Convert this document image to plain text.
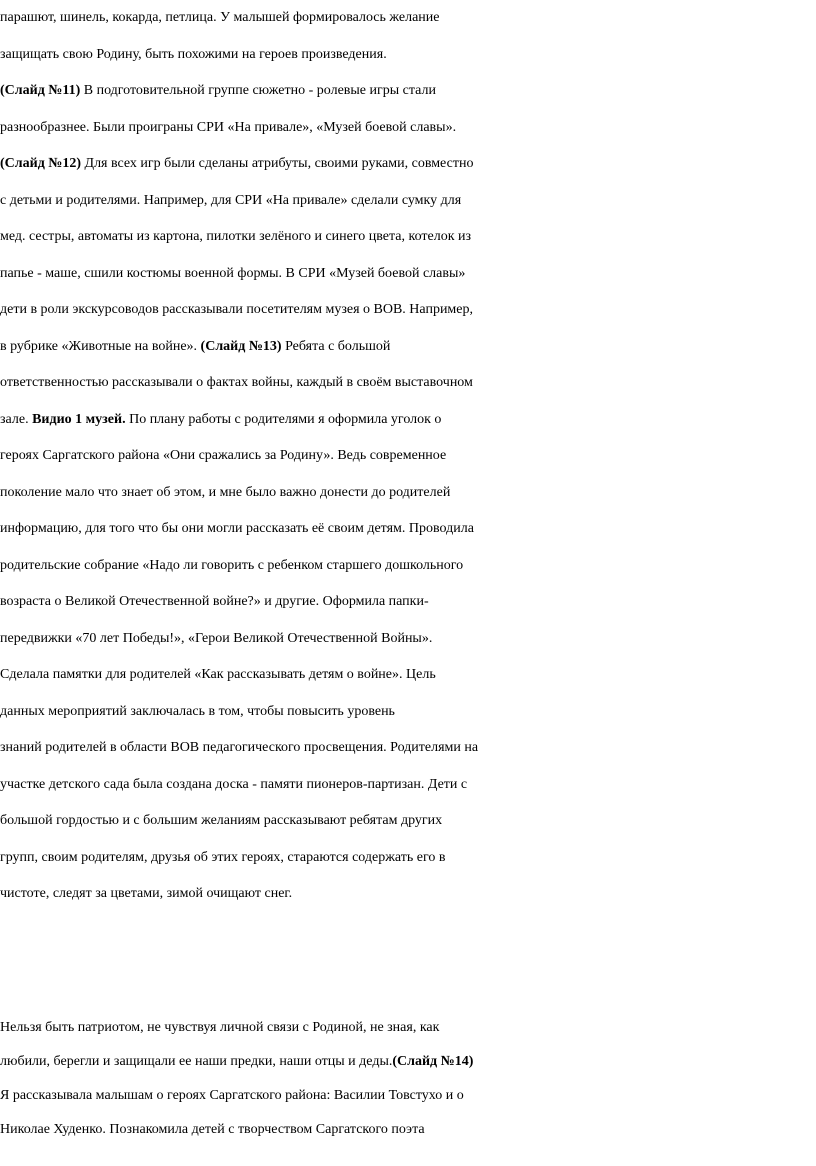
парашют, шинель, кокарда, петлица. У малышей формировалось желание
защищать свою Родину, быть похожими на героев произведения.
(Слайд №11) В подготовительной группе сюжетно - ролевые игры стали
разнообразнее. Были проиграны СРИ «На привале», «Музей боевой славы».
(Слайд №12) Для всех игр были сделаны атрибуты, своими руками, совместно
с детьми и родителями. Например, для СРИ «На привале» сделали сумку для
мед. сестры, автоматы из картона, пилотки зелёного и синего цвета, котелок из
папье - маше, сшили костюмы военной формы. В СРИ «Музей боевой славы»
дети в роли экскурсоводов рассказывали посетителям музея о ВОВ. Например,
в рубрике «Животные на войне». (Слайд №13) Ребята с большой
ответственностью рассказывали о фактах войны, каждый в своём выставочном
зале. Видио 1 музей. По плану работы с родителями я оформила уголок о
героях Саргатского района «Они сражались за Родину». Ведь современное
поколение мало что знает об этом, и мне было важно донести до родителей
информацию, для того что бы они могли рассказать её своим детям. Проводила
родительские собрание «Надо ли говорить с ребенком старшего дошкольного
возраста о Великой Отечественной войне?» и другие. Оформила папки-
передвижки «70 лет Победы!», «Герои Великой Отечественной Войны».
Сделала памятки для родителей «Как рассказывать детям о войне». Цель
данных мероприятий заключалась в том, чтобы повысить уровень
знаний родителей в области ВОВ педагогического просвещения. Родителями на
участке детского сада была создана доска - памяти пионеров-партизан. Дети с
большой гордостью и с большим желаниям рассказывают ребятам других
групп, своим родителям, друзья об этих героях, стараются содержать его в
чистоте, следят за цветами, зимой очищают снег.
Нельзя быть патриотом, не чувствуя личной связи с Родиной, не зная, как
любили, берегли и защищали ее наши предки, наши отцы и деды.(Слайд №14)
Я рассказывала малышам о героях Саргатского района: Василии Товстухо и о
Николае Худенко. Познакомила детей с творчеством Саргатского поэта
